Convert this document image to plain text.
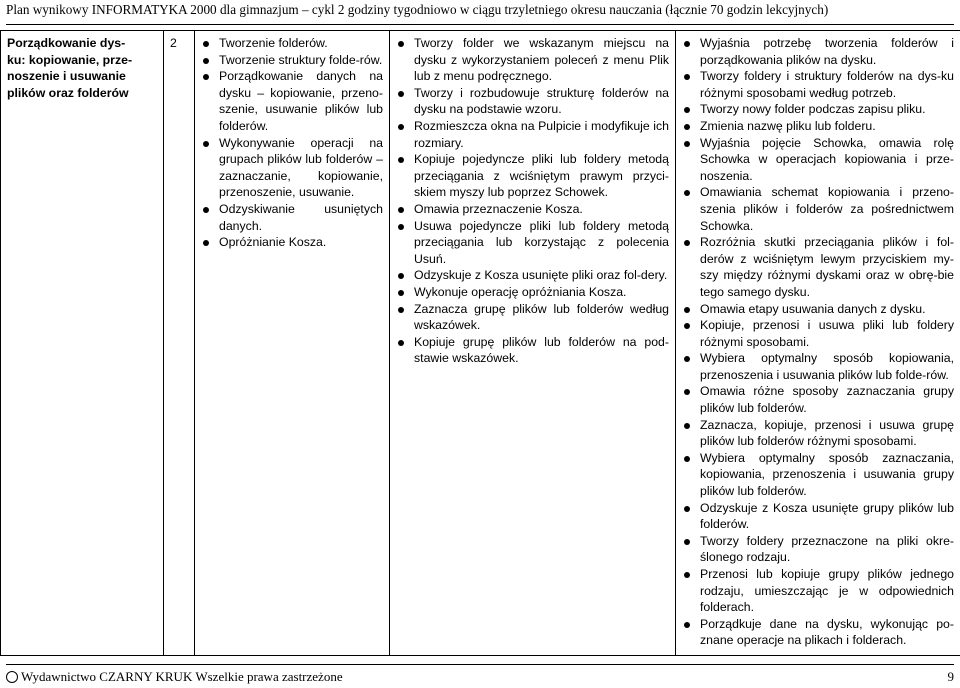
Plan wynikowy INFORMATYKA 2000 dla gimnazjum – cykl 2 godziny tygodniowo w ciągu trzyletniego okresu nauczania (łącznie 70 godzin lekcyjnych)
Porządkowanie dys-
ku: kopiowanie, prze-
noszenie i usuwanie
plików oraz folderów
	2	Tworzenie folderów.
Tworzenie struktury folde-rów.
Porządkowanie danych na dysku – kopiowanie, przeno-szenie, usuwanie plików lub folderów.
Wykonywanie operacji na grupach plików lub folderów – zaznaczanie, kopiowanie, przenoszenie, usuwanie.
Odzyskiwanie usuniętych danych.
Opróżnianie Kosza.

Tworzy folder we wskazanym miejscu na dysku z wykorzystaniem poleceń z menu Plik lub z menu podręcznego.
Tworzy i rozbudowuje strukturę folderów na dysku na podstawie wzoru.
Rozmieszcza okna na Pulpicie i modyfikuje ich rozmiary.
Kopiuje pojedyncze pliki lub foldery metodą przeciągania z wciśniętym prawym przyci-skiem myszy lub poprzez Schowek.
Omawia przeznaczenie Kosza.
Usuwa pojedyncze pliki lub foldery metodą przeciągania lub korzystając z polecenia Usuń.
Odzyskuje z Kosza usunięte pliki oraz fol-dery.
Wykonuje operację opróżniania Kosza.
Zaznacza grupę plików lub folderów według wskazówek.
Kopiuje grupę plików lub folderów na pod-stawie wskazówek.

Wyjaśnia potrzebę tworzenia folderów i porządkowania plików na dysku.
Tworzy foldery i struktury folderów na dys-ku różnymi sposobami według potrzeb.
Tworzy nowy folder podczas zapisu pliku.
Zmienia nazwę pliku lub folderu.
Wyjaśnia pojęcie Schowka, omawia rolę Schowka w operacjach kopiowania i prze-noszenia.
Omawiania schemat kopiowania i przeno-szenia plików i folderów za pośrednictwem Schowka.
Rozróżnia skutki przeciągania plików i fol-derów z wciśniętym lewym przyciskiem my-szy między różnymi dyskami oraz w obrę-bie tego samego dysku.
Omawia etapy usuwania danych z dysku.
Kopiuje, przenosi i usuwa pliki lub foldery różnymi sposobami.
Wybiera optymalny sposób kopiowania, przenoszenia i usuwania plików lub folde-rów.
Omawia różne sposoby zaznaczania grupy plików lub folderów.
Zaznacza, kopiuje, przenosi i usuwa grupę plików lub folderów różnymi sposobami.
Wybiera optymalny sposób zaznaczania, kopiowania, przenoszenia i usuwania grupy plików lub folderów.
Odzyskuje z Kosza usunięte grupy plików lub folderów.
Tworzy foldery przeznaczone na pliki okre-ślonego rodzaju.
Przenosi lub kopiuje grupy plików jednego rodzaju, umieszczając je w odpowiednich folderach.
Porządkuje dane na dysku, wykonując po-znane operacje na plikach i folderach.
Wydawnictwo CZARNY KRUK Wszelkie prawa zastrzeżone	9
